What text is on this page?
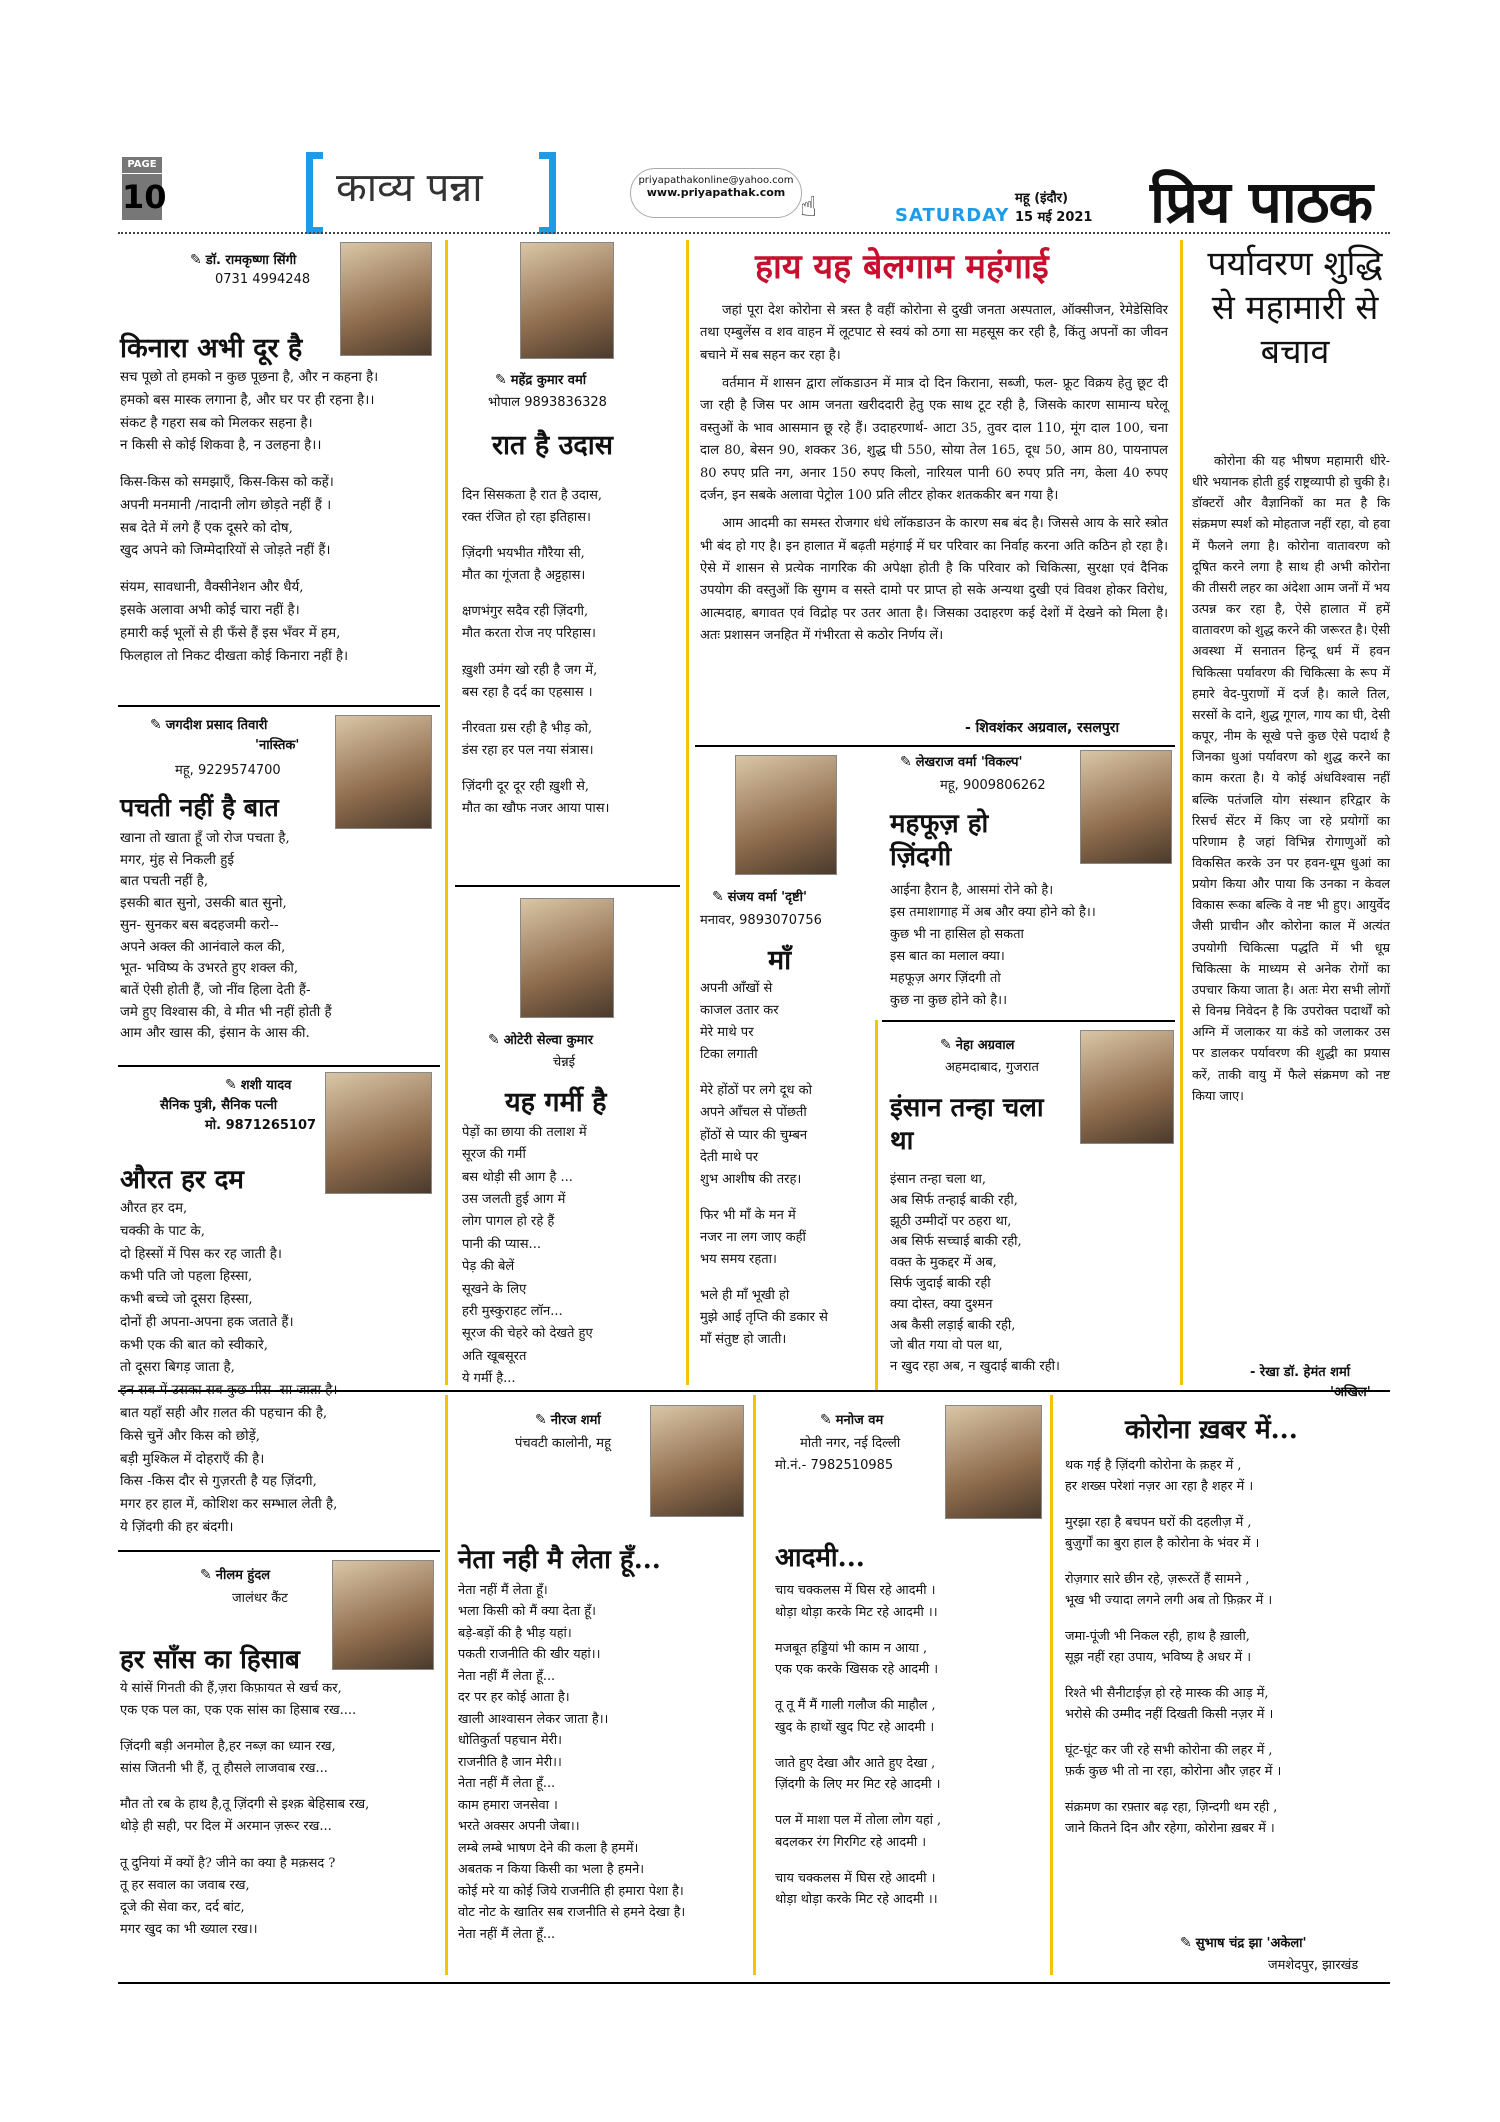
PAGE
10	काव्य पन्ना	priyapathakonline@yahoo.com
www.priyapathak.com ☝	SATURDAY
महू (इंदौर)
15 मई 2021 प्रिय पाठक
✎ डॉ. रामकृष्णा सिंगी
0731 4994248
किनारा अभी दूर है

सच पूछो तो हमको न कुछ पूछना है, और न कहना है।
हमको बस मास्क लगाना है, और घर पर ही रहना है।।
संकट है गहरा सब को मिलकर सहना है।
न किसी से कोई शिकवा है, न उलहना है।।

किस-किस को समझाएँ, किस-किस को कहें।
अपनी मनमानी /नादानी लोग छोड़ते नहीं हैं ।
सब देते में लगे हैं एक दूसरे को दोष,
खुद अपने को जिम्मेदारियों से जोड़ते नहीं हैं।

संयम, सावधानी, वैक्सीनेशन और धैर्य,
इसके अलावा अभी कोई चारा नहीं है।
हमारी कई भूलों से ही फँसे हैं इस भँवर में हम,
फिलहाल तो निकट दीखता कोई किनारा नहीं है।

✎ जगदीश प्रसाद तिवारी
'नास्तिक'
महू, 9229574700
पचती नहीं है बात

खाना तो खाता हूँ जो रोज पचता है,
मगर, मुंह से निकली हुई
बात पचती नहीं है,
इसकी बात सुनो, उसकी बात सुनो,
सुन- सुनकर बस बदहजमी करो--
अपने अक्ल की आनंवाले कल की,
भूत- भविष्य के उभरते हुए शक्ल की,
बातें ऐसी होती हैं, जो नींव हिला देती हैं-
जमे हुए विश्वास की, वे मीत भी नहीं होती हैं
आम और खास की, इंसान के आस की.

✎ शशी यादव
सैनिक पुत्री, सैनिक पत्नी
मो. 9871265107
औरत हर दम

औरत हर दम,
चक्की के पाट के,
दो हिस्सों में पिस कर रह जाती है।
कभी पति जो पहला हिस्सा,
कभी बच्चे जो दूसरा हिस्सा,
दोनों ही अपना-अपना हक जताते हैं।
कभी एक की बात को स्वीकारे,
तो दूसरा बिगड़ जाता है,
इन सब में उसका सब कुछ पीस- सा जाता है।
बात यहाँ सही और ग़लत की पहचान की है,
किसे चुनें और किस को छोड़ें,
बड़ी मुश्किल में दोहराएँ की है।
किस -किस दौर से गुज़रती है यह ज़िंदगी,
मगर हर हाल में, कोशिश कर सम्भाल लेती है,
ये ज़िंदगी की हर बंदगी।

✎ नीलम हुंदल
जालंधर कैंट
हर साँस का हिसाब

ये सांसें गिनती की हैं,ज़रा किफ़ायत से खर्च कर,
एक एक पल का, एक एक सांस का हिसाब रख....

ज़िंदगी बड़ी अनमोल है,हर नब्ज़ का ध्यान रख,
सांस जितनी भी हैं, तू हौसले लाजवाब रख...

मौत तो रब के हाथ है,तू ज़िंदगी से इश्क़ बेहिसाब रख,
थोड़े ही सही, पर दिल में अरमान ज़रूर रख...

तू दुनियां में क्यों है? जीने का क्या है मक़सद ?
तू हर सवाल का जवाब रख,
दूजे की सेवा कर, दर्द बांट,
मगर खुद का भी ख्याल रख।।

✎ महेंद्र कुमार वर्मा
भोपाल 9893836328
रात है उदास

दिन सिसकता है रात है उदास,
रक्त रंजित हो रहा इतिहास।

ज़िंदगी भयभीत गौरैया सी,
मौत का गूंजता है अट्टहास।

क्षणभंगुर सदैव रही ज़िंदगी,
मौत करता रोज नए परिहास।

ख़ुशी उमंग खो रही है जग में,
बस रहा है दर्द का एहसास ।

नीरवता ग्रस रही है भीड़ को,
डंस रहा हर पल नया संत्रास।

ज़िंदगी दूर दूर रही ख़ुशी से,
मौत का खौफ नजर आया पास।

✎ ओटेरी सेल्वा कुमार
चेन्नई
यह गर्मी है

पेड़ों का छाया की तलाश में
सूरज की गर्मी
बस थोड़ी सी आग है ...
उस जलती हुई आग में
लोग पागल हो रहे हैं
पानी की प्यास...
पेड़ की बेलें
सूखने के लिए
हरी मुस्कुराहट लॉन...
सूरज की चेहरे को देखते हुए
अति खूबसूरत
ये गर्मी है...

हाय यह बेलगाम महंगाई

जहां पूरा देश कोरोना से त्रस्त है वहीं कोरोना से दुखी जनता अस्पताल, ऑक्सीजन, रेमेडेसिविर तथा एम्बुलेंस व शव वाहन में लूटपाट से स्वयं को ठगा सा महसूस कर रही है, किंतु अपनों का जीवन बचाने में सब सहन कर रहा है।

वर्तमान में शासन द्वारा लॉकडाउन में मात्र दो दिन किराना, सब्जी, फल- फ्रूट विक्रय हेतु छूट दी जा रही है जिस पर आम जनता खरीददारी हेतु एक साथ टूट रही है, जिसके कारण सामान्य घरेलू वस्तुओं के भाव आसमान छू रहे हैं। उदाहरणार्थ- आटा 35, तुवर दाल 110, मूंग दाल 100, चना दाल 80, बेसन 90, शक्कर 36, शुद्ध घी 550, सोया तेल 165, दूध 50, आम 80, पायनापल 80 रुपए प्रति नग, अनार 150 रुपए किलो, नारियल पानी 60 रुपए प्रति नग, केला 40 रुपए दर्जन, इन सबके अलावा पेट्रोल 100 प्रति लीटर होकर शतककीर बन गया है।

आम आदमी का समस्त रोजगार धंधे लॉकडाउन के कारण सब बंद है। जिससे आय के सारे स्त्रोत भी बंद हो गए है। इन हालात में बढ़ती महंगाई में घर परिवार का निर्वाह करना अति कठिन हो रहा है। ऐसे में शासन से प्रत्येक नागरिक की अपेक्षा होती है कि परिवार को चिकित्सा, सुरक्षा एवं दैनिक उपयोग की वस्तुओं कि सुगम व सस्ते दामो पर प्राप्त हो सके अन्यथा दुखी एवं विवश होकर विरोध, आत्मदाह, बगावत एवं विद्रोह पर उतर आता है। जिसका उदाहरण कई देशों में देखने को मिला है। अतः प्रशासन जनहित में गंभीरता से कठोर निर्णय लें।

- शिवशंकर अग्रवाल, रसलपुरा
✎ संजय वर्मा 'दृष्टी'
मनावर, 9893070756
माँ

अपनी आँखों से
काजल उतार कर
मेरे माथे पर
टिका लगाती

मेरे होंठों पर लगे दूध को
अपने आँचल से पोंछती
होंठों से प्यार की चुम्बन
देती माथे पर
शुभ आशीष की तरह।

फिर भी माँ के मन में
नजर ना लग जाए कहीं
भय समय रहता।

भले ही माँ भूखी हो
मुझे आई तृप्ति की डकार से
माँ संतुष्ट हो जाती।

✎ लेखराज वर्मा 'विकल्प'
महू, 9009806262
महफूज़ हो ज़िंदगी

आईना हैरान है, आसमां रोने को है।
इस तमाशागाह में अब और क्या होने को है।।
कुछ भी ना हासिल हो सकता
इस बात का मलाल क्या।
महफूज़ अगर ज़िंदगी तो
कुछ ना कुछ होने को है।।

✎ नेहा अग्रवाल
अहमदाबाद, गुजरात
इंसान तन्हा चला था

इंसान तन्हा चला था,
अब सिर्फ तन्हाई बाकी रही,
झूठी उम्मीदों पर ठहरा था,
अब सिर्फ सच्चाई बाकी रही,
वक्त के मुकद्दर में अब,
सिर्फ जुदाई बाकी रही
क्या दोस्त, क्या दुश्मन
अब कैसी लड़ाई बाकी रही,
जो बीत गया वो पल था,
न खुद रहा अब, न खुदाई बाकी रही।

पर्यावरण शुद्धि से महामारी से बचाव

कोरोना की यह भीषण महामारी धीरे-धीरे भयानक होती हुई राष्ट्रव्यापी हो चुकी है। डॉक्टरों और वैज्ञानिकों का मत है कि संक्रमण स्पर्श को मोहताज नहीं रहा, वो हवा में फैलने लगा है। कोरोना वातावरण को दूषित करने लगा है साथ ही अभी कोरोना की तीसरी लहर का अंदेशा आम जनों में भय उत्पन्न कर रहा है, ऐसे हालात में हमें वातावरण को शुद्ध करने की जरूरत है। ऐसी अवस्था में सनातन हिन्दू धर्म में हवन चिकित्सा पर्यावरण की चिकित्सा के रूप में हमारे वेद-पुराणों में दर्ज है। काले तिल, सरसों के दाने, शुद्ध गूगल, गाय का घी, देसी कपूर, नीम के सूखे पत्ते कुछ ऐसे पदार्थ है जिनका धुआं पर्यावरण को शुद्ध करने का काम करता है। ये कोई अंधविश्वास नहीं बल्कि पतंजलि योग संस्थान हरिद्वार के रिसर्च सेंटर में किए जा रहे प्रयोगों का परिणाम है जहां विभिन्न रोगाणुओं को विकसित करके उन पर हवन-धूम धुआं का प्रयोग किया और पाया कि उनका न केवल विकास रूका बल्कि वे नष्ट भी हुए। आयुर्वेद जैसी प्राचीन और कोरोना काल में अत्यंत उपयोगी चिकित्सा पद्धति में भी धूम्र चिकित्सा के माध्यम से अनेक रोगों का उपचार किया जाता है। अतः मेरा सभी लोगों से विनम्र निवेदन है कि उपरोक्त पदार्थों को अग्नि में जलाकर या कंडे को जलाकर उस पर डालकर पर्यावरण की शुद्धी का प्रयास करें, ताकी वायु में फैले संक्रमण को नष्ट किया जाए।

- रेखा डॉ. हेमंत शर्मा
'अखिल'
✎ नीरज शर्मा
पंचवटी कालोनी, महू
नेता नही मै लेता हूँ...

नेता नहीं मैं लेता हूँ।
भला किसी को मैं क्या देता हूँ।
बड़े-बड़ों की है भीड़ यहां।
पकती राजनीति की खीर यहां।।
नेता नहीं मैं लेता हूँ...
दर पर हर कोई आता है।
खाली आश्वासन लेकर जाता है।।
धोतिकुर्ता पहचान मेरी।
राजनीति है जान मेरी।।
नेता नहीं मैं लेता हूँ...
काम हमारा जनसेवा ।
भरते अक्सर अपनी जेबा।।
लम्बे लम्बे भाषण देने की कला है हममें।
अबतक न किया किसी का भला है हमने।
कोई मरे या कोई जिये राजनीति ही हमारा पेशा है।
वोट नोट के खातिर सब राजनीति से हमने देखा है।
नेता नहीं मैं लेता हूँ...

✎ मनोज वम
मोती नगर, नई दिल्ली
मो.नं.- 7982510985
आदमी...

चाय चक्कलस में घिस रहे आदमी ।
थोड़ा थोड़ा करके मिट रहे आदमी ।।

मजबूत हड्डियां भी काम न आया ,
एक एक करके खिसक रहे आदमी ।

तू तू मैं मैं गाली गलौज की माहौल ,
खुद के हाथों खुद पिट रहे आदमी ।

जाते हुए देखा और आते हुए देखा ,
ज़िंदगी के लिए मर मिट रहे आदमी ।

पल में माशा पल में तोला लोग यहां ,
बदलकर रंग गिरगिट रहे आदमी ।

चाय चक्कलस में घिस रहे आदमी ।
थोड़ा थोड़ा करके मिट रहे आदमी ।।

कोरोना ख़बर में...

थक गई है ज़िंदगी कोरोना के क़हर में ,
हर शख्स परेशां नज़र आ रहा है शहर में ।

मुरझा रहा है बचपन घरों की दहलीज़ में ,
बुज़ुर्गों का बुरा हाल है कोरोना के भंवर में ।

रोज़गार सारे छीन रहे, ज़रूरतें हैं सामने ,
भूख भी ज्यादा लगने लगी अब तो फ़िक़र में ।

जमा-पूंजी भी निकल रही, हाथ है ख़ाली,
सूझ नहीं रहा उपाय, भविष्य है अधर में ।

रिश्ते भी सैनीटाईज़ हो रहे मास्क की आड़ में,
भरोसे की उम्मीद नहीं दिखती किसी नज़र में ।

घूंट-घूंट कर जी रहे सभी कोरोना की लहर में ,
फ़र्क कुछ भी तो ना रहा, कोरोना और ज़हर में ।

संक्रमण का रफ़्तार बढ़ रहा, ज़िन्दगी थम रही ,
जाने कितने दिन और रहेगा, कोरोना ख़बर में ।

✎ सुभाष चंद्र झा 'अकेला'
जमशेदपुर, झारखंड
